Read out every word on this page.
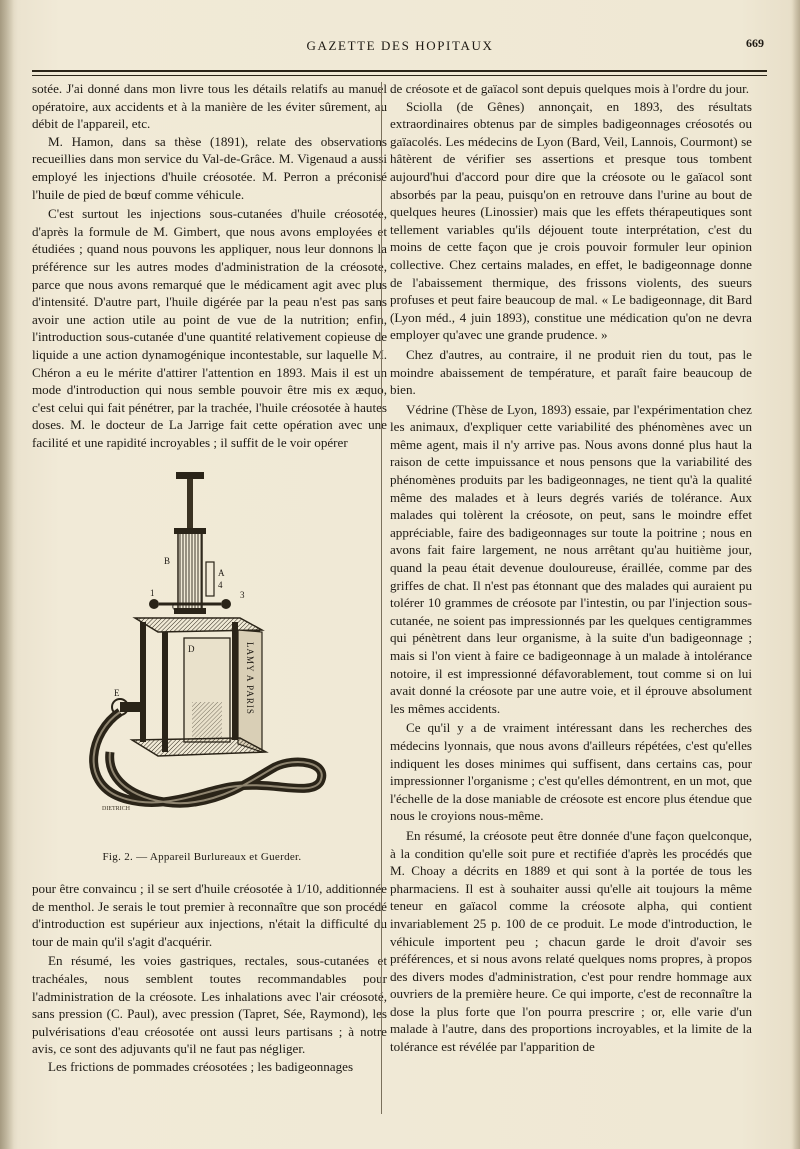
GAZETTE DES HOPITAUX	669

sotée. J'ai donné dans mon livre tous les détails relatifs au manuel opératoire, aux accidents et à la manière de les éviter sûrement, au débit de l'appareil, etc.

M. Hamon, dans sa thèse (1891), relate des observations recueillies dans mon service du Val-de-Grâce. M. Vigenaud a aussi employé les injections d'huile créosotée. M. Perron a préconisé l'huile de pied de bœuf comme véhicule.

C'est surtout les injections sous-cutanées d'huile créosotée, d'après la formule de M. Gimbert, que nous avons employées et étudiées ; quand nous pouvons les appliquer, nous leur donnons la préférence sur les autres modes d'administration de la créosote, parce que nous avons remarqué que le médicament agit avec plus d'intensité. D'autre part, l'huile digérée par la peau n'est pas sans avoir une action utile au point de vue de la nutrition; enfin, l'introduction sous-cutanée d'une quantité relativement copieuse de liquide a une action dynamogénique incontestable, sur laquelle M. Chéron a eu le mérite d'attirer l'attention en 1893. Mais il est un mode d'introduction qui nous semble pouvoir être mis ex æquo, c'est celui qui fait pénétrer, par la trachée, l'huile créosotée à hautes doses. M. le docteur de La Jarrige fait cette opération avec une facilité et une rapidité incroyables ; il suffit de le voir opérer

LAMY A PARIS
B
A
4
1
C
3
D
E
DIETRICH
Fig. 2. — Appareil Burlureaux et Guerder.

pour être convaincu ; il se sert d'huile créosotée à 1/10, additionnée de menthol. Je serais le tout premier à reconnaître que son procédé d'introduction est supérieur aux injections, n'était la difficulté du tour de main qu'il s'agit d'acquérir.

En résumé, les voies gastriques, rectales, sous-cutanées et trachéales, nous semblent toutes recommandables pour l'administration de la créosote. Les inhalations avec l'air créosoté, sans pression (C. Paul), avec pression (Tapret, Sée, Raymond), les pulvérisations d'eau créosotée ont aussi leurs partisans ; à notre avis, ce sont des adjuvants qu'il ne faut pas négliger.

Les frictions de pommades créosotées ; les badigeonnages

de créosote et de gaïacol sont depuis quelques mois à l'ordre du jour.

Sciolla (de Gênes) annonçait, en 1893, des résultats extraordinaires obtenus par de simples badigeonnages créosotés ou gaïacolés. Les médecins de Lyon (Bard, Veil, Lannois, Courmont) se hâtèrent de vérifier ses assertions et presque tous tombent aujourd'hui d'accord pour dire que la créosote ou le gaïacol sont absorbés par la peau, puisqu'on en retrouve dans l'urine au bout de quelques heures (Linossier) mais que les effets thérapeutiques sont tellement variables qu'ils déjouent toute interprétation, c'est du moins de cette façon que je crois pouvoir formuler leur opinion collective. Chez certains malades, en effet, le badigeonnage donne de l'abaissement thermique, des frissons violents, des sueurs profuses et peut faire beaucoup de mal. « Le badigeonnage, dit Bard (Lyon méd., 4 juin 1893), constitue une médication qu'on ne devra employer qu'avec une grande prudence. »

Chez d'autres, au contraire, il ne produit rien du tout, pas le moindre abaissement de température, et paraît faire beaucoup de bien.

Védrine (Thèse de Lyon, 1893) essaie, par l'expérimentation chez les animaux, d'expliquer cette variabilité des phénomènes avec un même agent, mais il n'y arrive pas. Nous avons donné plus haut la raison de cette impuissance et nous pensons que la variabilité des phénomènes produits par les badigeonnages, ne tient qu'à la qualité même des malades et à leurs degrés variés de tolérance. Aux malades qui tolèrent la créosote, on peut, sans le moindre effet appréciable, faire des badigeonnages sur toute la poitrine ; nous en avons fait faire largement, ne nous arrêtant qu'au huitième jour, quand la peau était devenue douloureuse, éraillée, comme par des griffes de chat. Il n'est pas étonnant que des malades qui auraient pu tolérer 10 grammes de créosote par l'intestin, ou par l'injection sous-cutanée, ne soient pas impressionnés par les quelques centigrammes qui pénètrent dans leur organisme, à la suite d'un badigeonnage ; mais si l'on vient à faire ce badigeonnage à un malade à intolérance notoire, il est impressionné défavorablement, tout comme si on lui avait donné la créosote par une autre voie, et il éprouve absolument les mêmes accidents.

Ce qu'il y a de vraiment intéressant dans les recherches des médecins lyonnais, que nous avons d'ailleurs répétées, c'est qu'elles indiquent les doses minimes qui suffisent, dans certains cas, pour impressionner l'organisme ; c'est qu'elles démontrent, en un mot, que l'échelle de la dose maniable de créosote est encore plus étendue que nous le croyions nous-même.

En résumé, la créosote peut être donnée d'une façon quelconque, à la condition qu'elle soit pure et rectifiée d'après les procédés que M. Choay a décrits en 1889 et qui sont à la portée de tous les pharmaciens. Il est à souhaiter aussi qu'elle ait toujours la même teneur en gaïacol comme la créosote alpha, qui contient invariablement 25 p. 100 de ce produit. Le mode d'introduction, le véhicule importent peu ; chacun garde le droit d'avoir ses préférences, et si nous avons relaté quelques noms propres, à propos des divers modes d'administration, c'est pour rendre hommage aux ouvriers de la première heure. Ce qui importe, c'est de reconnaître la dose la plus forte que l'on pourra prescrire ; or, elle varie d'un malade à l'autre, dans des proportions incroyables, et la limite de la tolérance est révélée par l'apparition de
